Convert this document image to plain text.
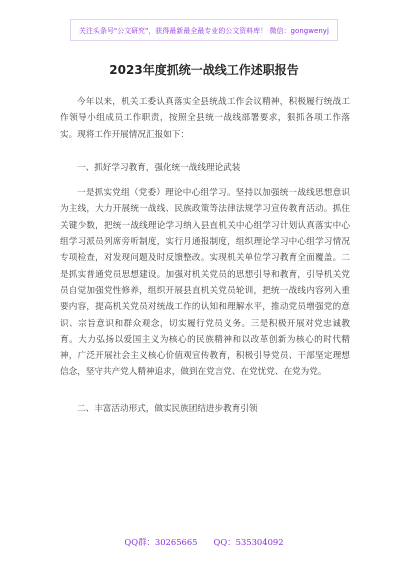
关注头条号"公文研究"，获得最新最全最专业的公文资料库！ 微信：gongwenyj
2023年度抓统一战线工作述职报告

今年以来，机关工委认真落实全县统战工作会议精神，积极履行统战工作领导小组成员工作职责，按照全县统一战线部署要求，狠抓各项工作落实。现将工作开展情况汇报如下：

一、抓好学习教育，强化统一战线理论武装

一是抓实党组（党委）理论中心组学习。坚持以加强统一战线思想意识为主线，大力开展统一战线、民族政策等法律法规学习宣传教育活动。抓住关键少数，把统一战线理论学习纳入县直机关中心组学习计划认真落实中心组学习派员列席旁听制度，实行月通报制度，组织理论学习中心组学习情况专项检查，对发现问题及时反馈整改。实现机关单位学习教育全面覆盖。二是抓实普通党员思想建设。加强对机关党员的思想引导和教育，引导机关党员自觉加强党性修养，组织开展县直机关党员轮训，把统一战线内容列入重要内容，提高机关党员对统战工作的认知和理解水平，推动党员增强党的意识、宗旨意识和群众观念，切实履行党员义务。三是积极开展对党忠诚教育。大力弘扬以爱国主义为核心的民族精神和以改革创新为核心的时代精神，广泛开展社会主义核心价值观宣传教育，积极引导党员、干部坚定理想信念，坚守共产党人精神追求，做到在党言党、在党忧党、在党为党。

二、丰富活动形式，做实民族团结进步教育引领

QQ群：30265665 QQ：535304092
